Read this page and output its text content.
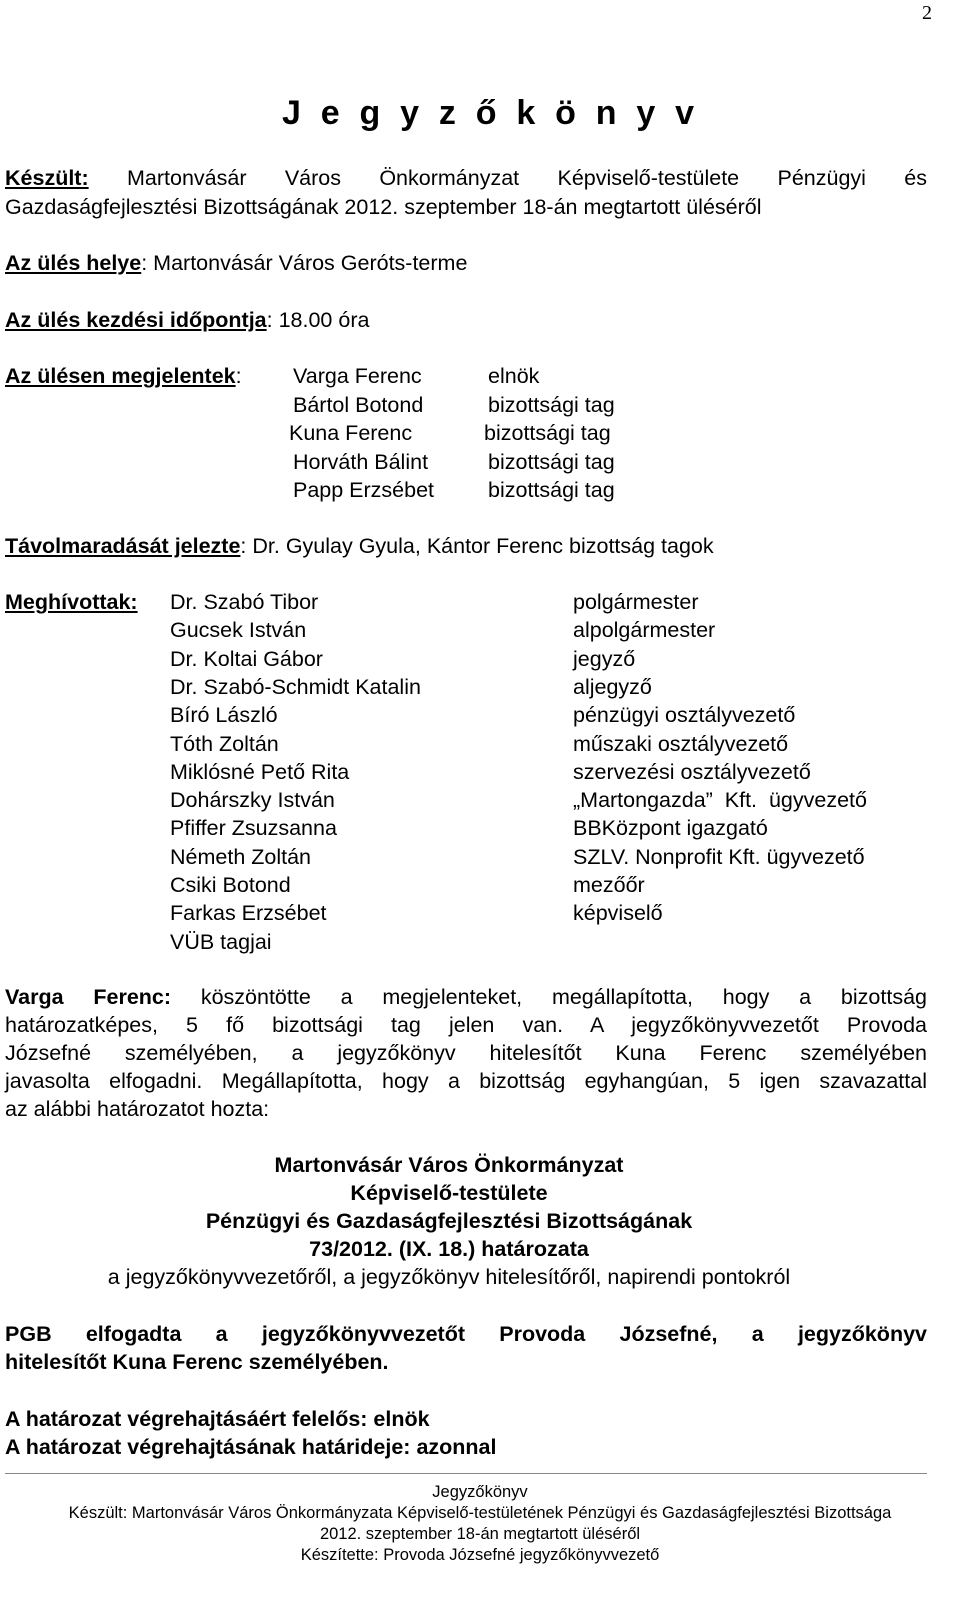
2
J e g y z ő k ö n y v
Készült: Martonvásár Város Önkormányzat Képviselő-testülete Pénzügyi és
Gazdaságfejlesztési Bizottságának 2012. szeptember 18-án megtartott üléséről
Az ülés helye: Martonvásár Város Geróts-terme
Az ülés kezdési időpontja: 18.00 óra
Az ülésen megjelentek: Varga Ferenc	elnök
Bártol Botond	bizottsági tag
Kuna Ferenc	bizottsági tag
Horváth Bálint	bizottsági tag
Papp Erzsébet	bizottsági tag
Távolmaradását jelezte: Dr. Gyulay Gyula, Kántor Ferenc bizottság tagok
Meghívottak: Dr. Szabó Tibor	polgármester
Gucsek István	alpolgármester
Dr. Koltai Gábor	jegyző
Dr. Szabó-Schmidt Katalin	aljegyző
Bíró László	pénzügyi osztályvezető
Tóth Zoltán	műszaki osztályvezető
Miklósné Pető Rita	szervezési osztályvezető
Dohárszky István	„Martongazda”  Kft.  ügyvezető
Pfiffer Zsuzsanna	BBKözpont igazgató
Németh Zoltán	SZLV. Nonprofit Kft. ügyvezető
Csiki Botond	mezőőr
Farkas Erzsébet	képviselő
VÜB tagjai
Varga Ferenc: köszöntötte a megjelenteket, megállapította, hogy a bizottság
határozatképes, 5 fő bizottsági tag jelen van. A jegyzőkönyvvezetőt Provoda
Józsefné személyében, a jegyzőkönyv hitelesítőt Kuna Ferenc személyében
javasolta elfogadni. Megállapította, hogy a bizottság egyhangúan, 5 igen szavazattal
az alábbi határozatot hozta:
Martonvásár Város Önkormányzat
Képviselő-testülete
Pénzügyi és Gazdaságfejlesztési Bizottságának
73/2012. (IX. 18.) határozata
a jegyzőkönyvvezetőről, a jegyzőkönyv hitelesítőről, napirendi pontokról
PGB elfogadta a jegyzőkönyvvezetőt Provoda Józsefné, a jegyzőkönyv
hitelesítőt Kuna Ferenc személyében.
A határozat végrehajtásáért felelős: elnök
A határozat végrehajtásának határideje: azonnal
Jegyzőkönyv
Készült: Martonvásár Város Önkormányzata Képviselő-testületének Pénzügyi és Gazdaságfejlesztési Bizottsága
2012. szeptember 18-án megtartott üléséről
Készítette: Provoda Józsefné jegyzőkönyvvezető
